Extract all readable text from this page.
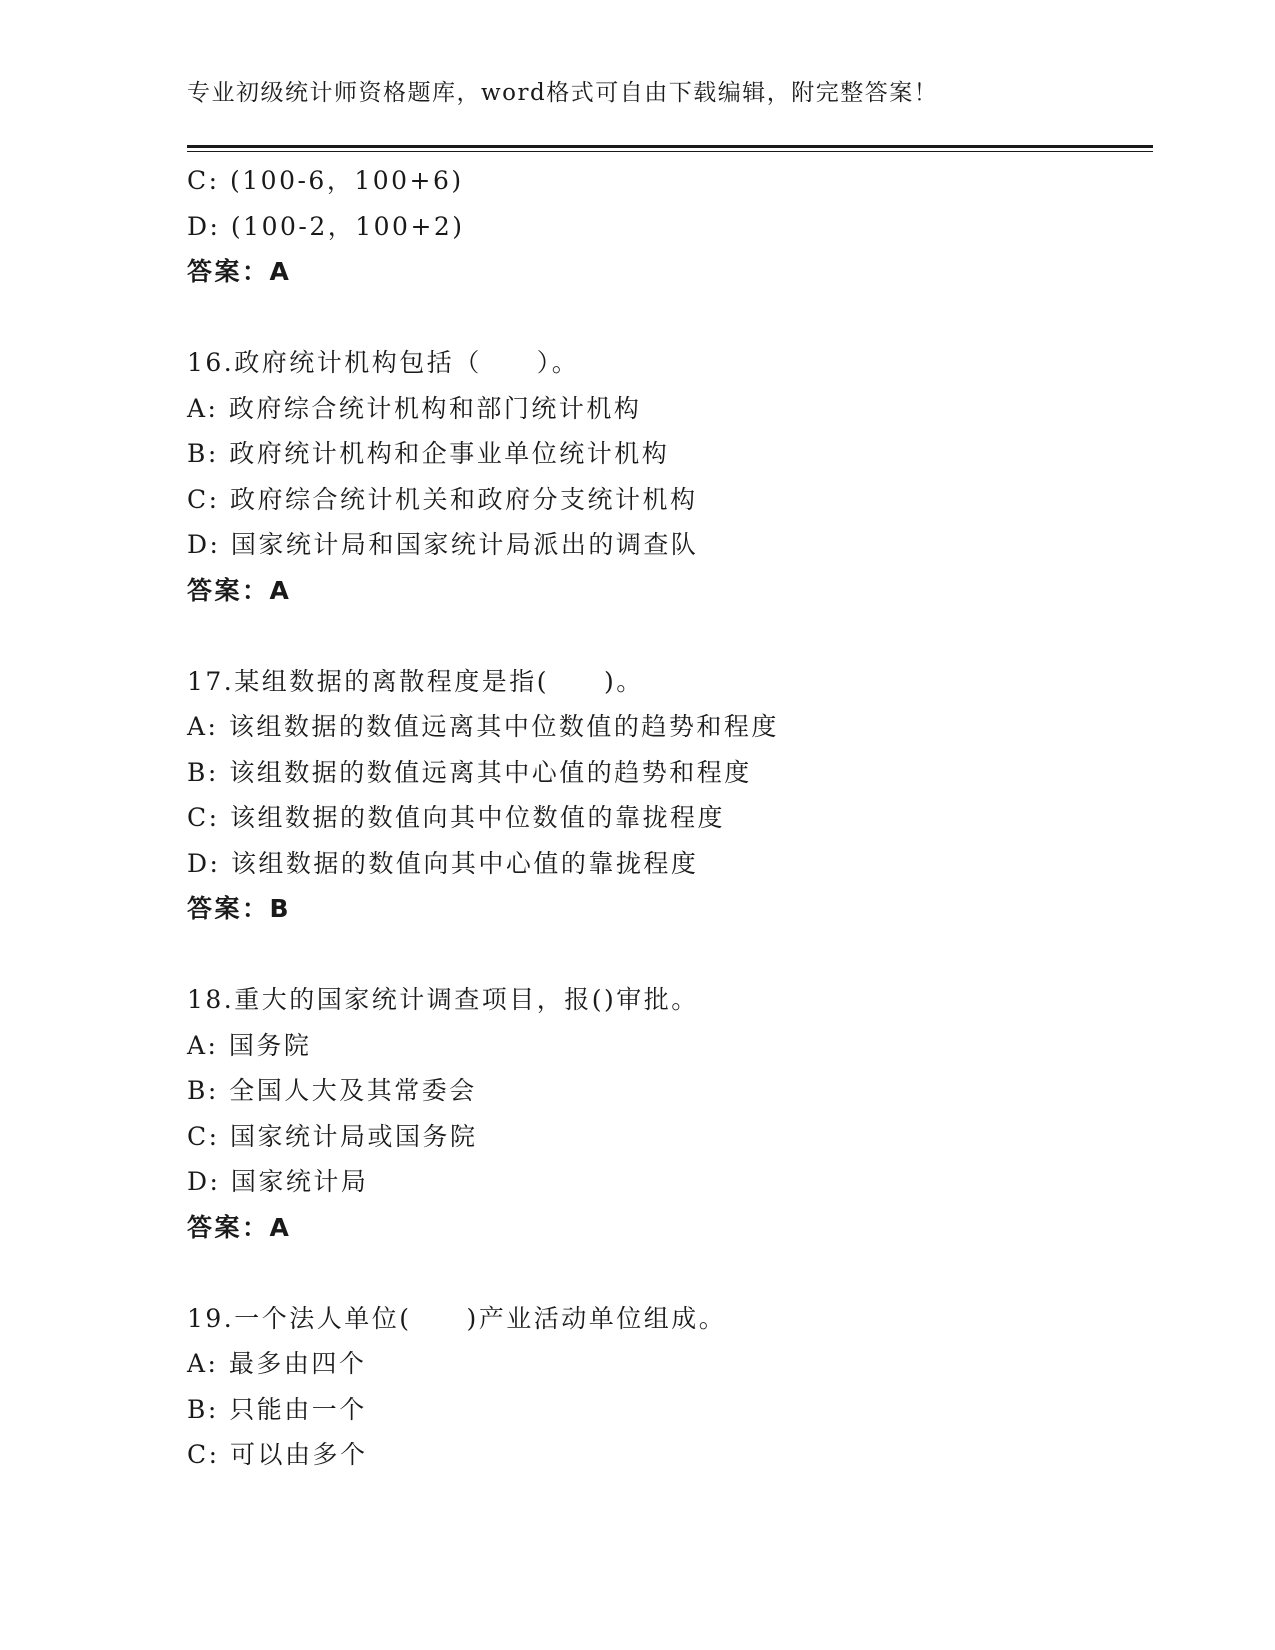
专业初级统计师资格题库，word格式可自由下载编辑，附完整答案！
C: (100-6，100+6)
D: (100-2，100+2)
答案：A
16.政府统计机构包括（　　）。
A: 政府综合统计机构和部门统计机构
B: 政府统计机构和企事业单位统计机构
C: 政府综合统计机关和政府分支统计机构
D: 国家统计局和国家统计局派出的调查队
答案：A
17.某组数据的离散程度是指(　　)。
A: 该组数据的数值远离其中位数值的趋势和程度
B: 该组数据的数值远离其中心值的趋势和程度
C: 该组数据的数值向其中位数值的靠拢程度
D: 该组数据的数值向其中心值的靠拢程度
答案：B
18.重大的国家统计调查项目，报()审批。
A: 国务院
B: 全国人大及其常委会
C: 国家统计局或国务院
D: 国家统计局
答案：A
19.一个法人单位(　　)产业活动单位组成。
A: 最多由四个
B: 只能由一个
C: 可以由多个
